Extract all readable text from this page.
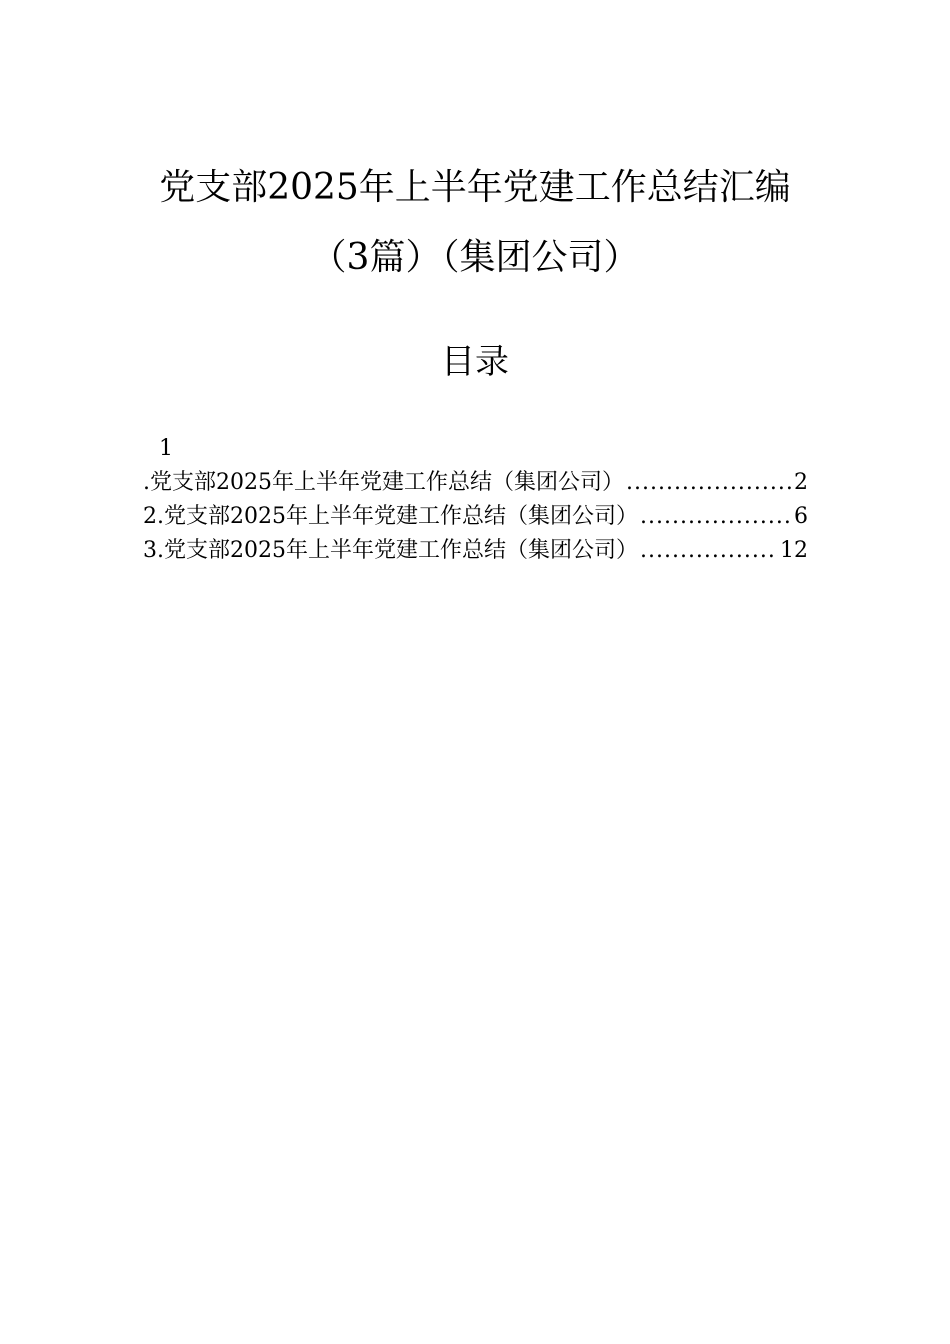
党支部2025年上半年党建工作总结汇编
（3篇）（集团公司）
目录
1
.党支部2025年上半年党建工作总结（集团公司） .....	2
2.党支部2025年上半年党建工作总结（集团公司） .....	6
3.党支部2025年上半年党建工作总结（集团公司） .....	12
